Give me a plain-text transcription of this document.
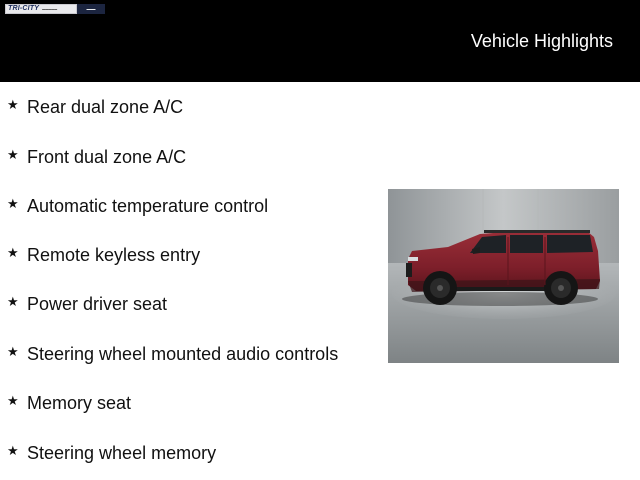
TRI-CITY ▬▬▬▬▬	▬▬▬
Vehicle Highlights
★ Rear dual zone A/C
★ Front dual zone A/C
★ Automatic temperature control
★ Remote keyless entry
★ Power driver seat
★ Steering wheel mounted audio controls
★ Memory seat
★ Steering wheel memory
